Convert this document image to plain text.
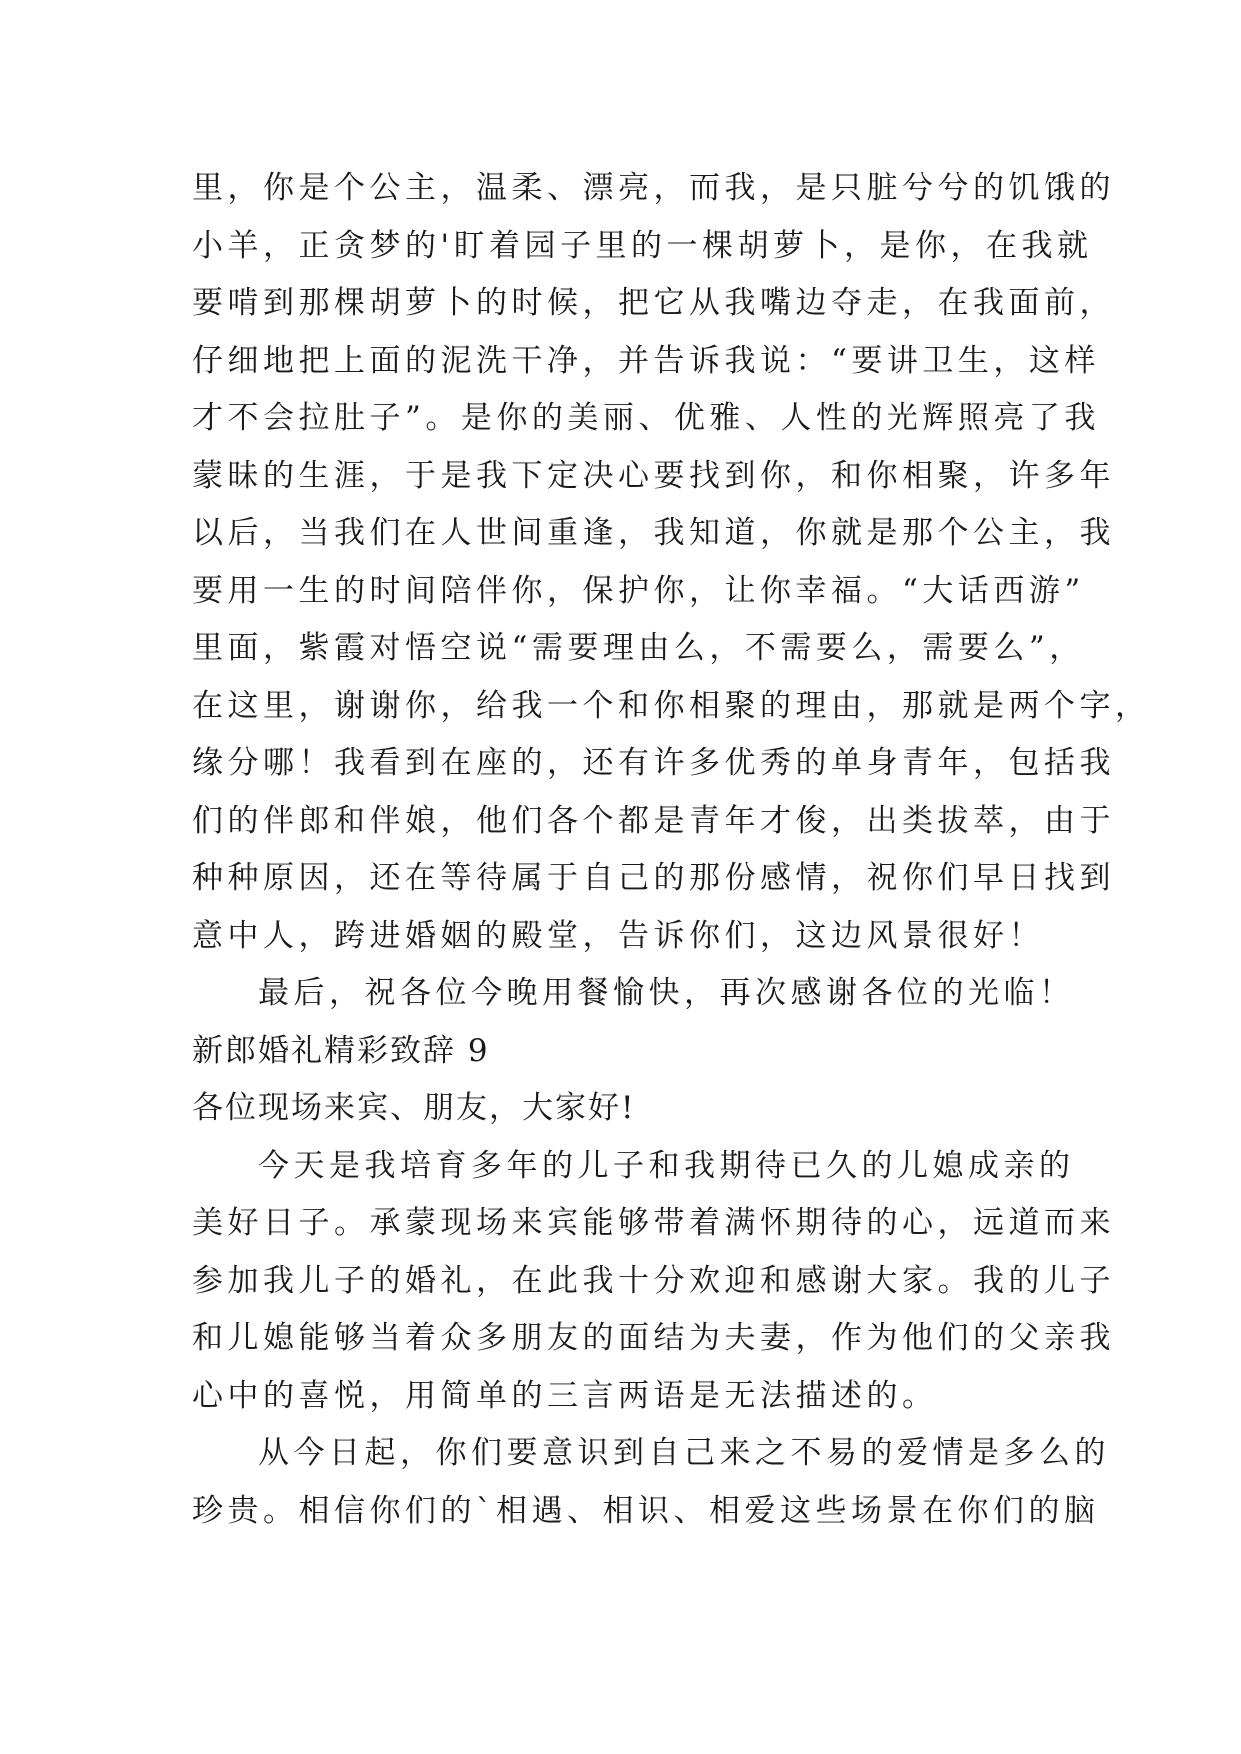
里，你是个公主，温柔、漂亮，而我，是只脏兮兮的饥饿的
小羊，正贪梦的'盯着园子里的一棵胡萝卜，是你，在我就
要啃到那棵胡萝卜的时候，把它从我嘴边夺走，在我面前，
仔细地把上面的泥洗干净，并告诉我说：“要讲卫生，这样
才不会拉肚子”。是你的美丽、优雅、人性的光辉照亮了我
蒙昧的生涯，于是我下定决心要找到你，和你相聚，许多年
以后，当我们在人世间重逢，我知道，你就是那个公主，我
要用一生的时间陪伴你，保护你，让你幸福。“大话西游”
里面，紫霞对悟空说“需要理由么，不需要么，需要么”，
在这里，谢谢你，给我一个和你相聚的理由，那就是两个字，
缘分哪！我看到在座的，还有许多优秀的单身青年，包括我
们的伴郎和伴娘，他们各个都是青年才俊，出类拔萃，由于
种种原因，还在等待属于自己的那份感情，祝你们早日找到
意中人，跨进婚姻的殿堂，告诉你们，这边风景很好！
最后，祝各位今晚用餐愉快，再次感谢各位的光临！
新郎婚礼精彩致辞 9
各位现场来宾、朋友，大家好!
今天是我培育多年的儿子和我期待已久的儿媳成亲的
美好日子。承蒙现场来宾能够带着满怀期待的心，远道而来
参加我儿子的婚礼，在此我十分欢迎和感谢大家。我的儿子
和儿媳能够当着众多朋友的面结为夫妻，作为他们的父亲我
心中的喜悦，用简单的三言两语是无法描述的。
从今日起，你们要意识到自己来之不易的爱情是多么的
珍贵。相信你们的`相遇、相识、相爱这些场景在你们的脑
